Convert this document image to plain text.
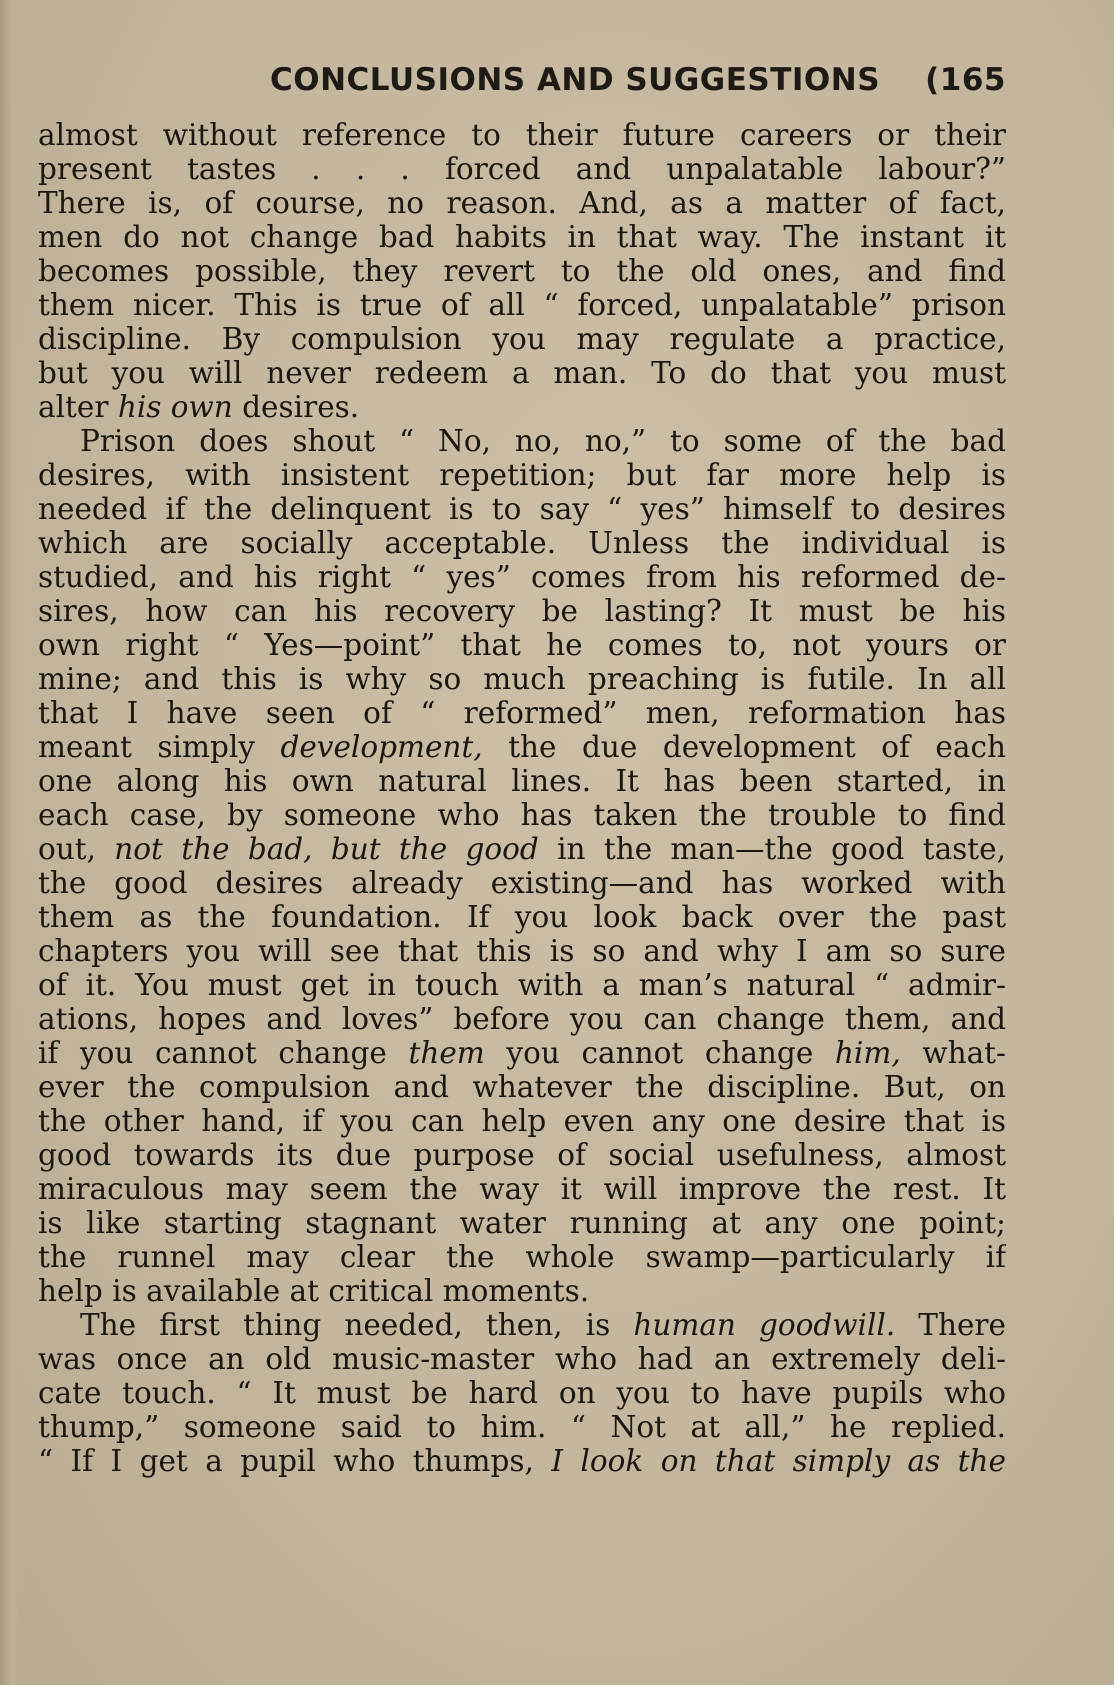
CONCLUSIONS AND SUGGESTIONS (165
almost without reference to their future careers or their
present tastes . . . forced and unpalatable labour?”
There is, of course, no reason. And, as a matter of fact,
men do not change bad habits in that way. The instant it
becomes possible, they revert to the old ones, and find
them nicer. This is true of all “ forced, unpalatable” prison
discipline. By compulsion you may regulate a practice,
but you will never redeem a man. To do that you must
alter his own desires.
Prison does shout “ No, no, no,” to some of the bad
desires, with insistent repetition; but far more help is
needed if the delinquent is to say “ yes” himself to desires
which are socially acceptable. Unless the individual is
studied, and his right “ yes” comes from his reformed de-
sires, how can his recovery be lasting? It must be his
own right “ Yes—point” that he comes to, not yours or
mine; and this is why so much preaching is futile. In all
that I have seen of “ reformed” men, reformation has
meant simply development, the due development of each
one along his own natural lines. It has been started, in
each case, by someone who has taken the trouble to find
out, not the bad, but the good in the man—the good taste,
the good desires already existing—and has worked with
them as the foundation. If you look back over the past
chapters you will see that this is so and why I am so sure
of it. You must get in touch with a man’s natural “ admir-
ations, hopes and loves” before you can change them, and
if you cannot change them you cannot change him, what-
ever the compulsion and whatever the discipline. But, on
the other hand, if you can help even any one desire that is
good towards its due purpose of social usefulness, almost
miraculous may seem the way it will improve the rest. It
is like starting stagnant water running at any one point;
the runnel may clear the whole swamp—particularly if
help is available at critical moments.
The first thing needed, then, is human goodwill. There
was once an old music-master who had an extremely deli-
cate touch. “ It must be hard on you to have pupils who
thump,” someone said to him. “ Not at all,” he replied.
“ If I get a pupil who thumps, I look on that simply as the
